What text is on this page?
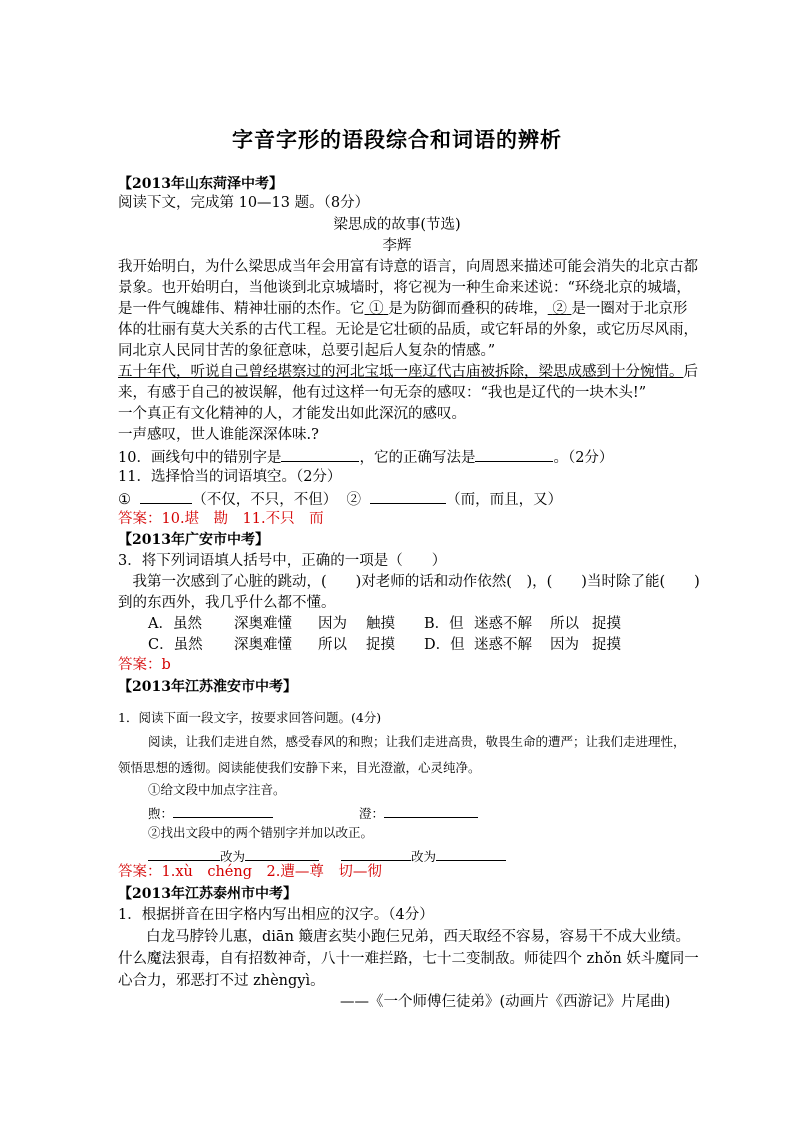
字音字形的语段综合和词语的辨析
【2013年山东菏泽中考】
阅读下文，完成第 10—13 题。（8分）
梁思成的故事(节选)
李辉
我开始明白，为什么梁思成当年会用富有诗意的语言，向周恩来描述可能会消失的北京古都
景象。也开始明白，当他谈到北京城墙时，将它视为一种生命来述说：“环绕北京的城墙，
是一件气魄雄伟、精神壮丽的杰作。它 ① 是为防御而叠积的砖堆， ② 是一圈对于北京形
体的壮丽有莫大关系的古代工程。无论是它壮硕的品质，或它轩昂的外象，或它历尽风雨，
同北京人民同甘苦的象征意味，总要引起后人复杂的情感。”
五十年代，听说自己曾经堪察过的河北宝坻一座辽代古庙被拆除，梁思成感到十分惋惜。后
来，有感于自己的被误解，他有过这样一句无奈的感叹：“我也是辽代的一块木头!”
一个真正有文化精神的人，才能发出如此深沉的感叹。
一声感叹，世人谁能深深体味.?
10．画线句中的错别字是	，它的正确写法是	。（2分）
11．选择恰当的词语填空。（2分）
①	（不仅，不只，不但） ②	（而，而且，又）
答案：10.堪　勘　11.不只　而
【2013年广安市中考】
3．将下列词语填人括号中，正确的一项是（　　）
　我第一次感到了心脏的跳动，(　　)对老师的话和动作依然(　)，(　　)当时除了能(　　)
到的东西外，我几乎什么都不懂。
A．虽然 深奥难懂 因为 触摸 B．但 迷惑不解 所以 捉摸
C．虽然 深奥难懂 所以 捉摸 D．但 迷惑不解 因为 捉摸
答案：b
【2013年江苏淮安市中考】
1．阅读下面一段文字，按要求回答问题。(4分)
阅读，让我们走进自然，感受春风的和煦；让我们走进高贵，敬畏生命的遭严；让我们走进理性，
领悟思想的透彻。阅读能使我们安静下来，目光澄澈，心灵纯净。
①给文段中加点字注音。
煦：	澄：
②找出文段中的两个错别字并加以改正。
改为	改为
答案：1.xù　chéng　2.遭—尊　切—彻
【2013年江苏泰州市中考】
1．根据拼音在田字格内写出相应的汉字。（4分）
白龙马脖铃儿惠，diān 簸唐玄奘小跑仨兄弟，西天取经不容易，容易干不成大业绩。
什么魔法狠毒，自有招数神奇，八十一难拦路，七十二变制敌。师徒四个 zhǒn 妖斗魔同一
心合力，邪恶打不过 zhèngyì。
——《一个师傅仨徒弟》(动画片《西游记》片尾曲)
